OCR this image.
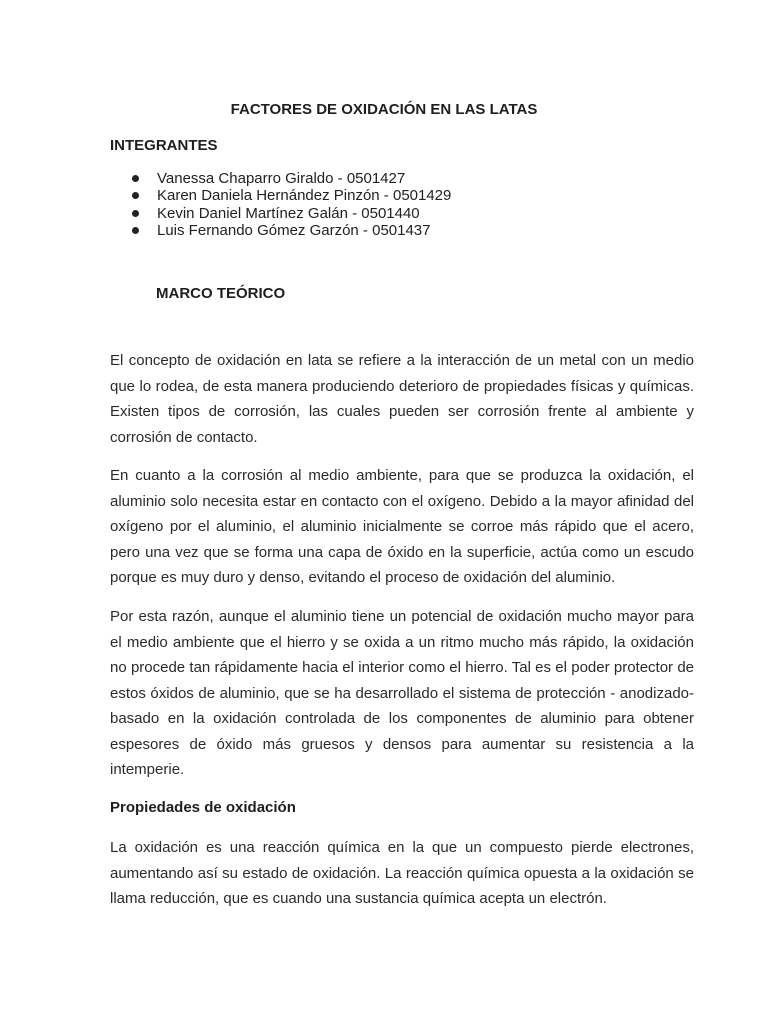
FACTORES DE OXIDACIÓN EN LAS LATAS
INTEGRANTES
Vanessa Chaparro Giraldo - 0501427
Karen Daniela Hernández Pinzón - 0501429
Kevin Daniel Martínez Galán - 0501440
Luis Fernando Gómez Garzón - 0501437
MARCO TEÓRICO

El concepto de oxidación en lata se refiere a la interacción de un metal con un medio que lo rodea, de esta manera produciendo deterioro de propiedades físicas y químicas. Existen tipos de corrosión, las cuales pueden ser corrosión frente al ambiente y corrosión de contacto.

En cuanto a la corrosión al medio ambiente, para que se produzca la oxidación, el aluminio solo necesita estar en contacto con el oxígeno. Debido a la mayor afinidad del oxígeno por el aluminio, el aluminio inicialmente se corroe más rápido que el acero, pero una vez que se forma una capa de óxido en la superficie, actúa como un escudo porque es muy duro y denso, evitando el proceso de oxidación del aluminio.

Por esta razón, aunque el aluminio tiene un potencial de oxidación mucho mayor para el medio ambiente que el hierro y se oxida a un ritmo mucho más rápido, la oxidación no procede tan rápidamente hacia el interior como el hierro. Tal es el poder protector de estos óxidos de aluminio, que se ha desarrollado el sistema de protección - anodizado- basado en la oxidación controlada de los componentes de aluminio para obtener espesores de óxido más gruesos y densos para aumentar su resistencia a la intemperie.

Propiedades de oxidación

La oxidación es una reacción química en la que un compuesto pierde electrones, aumentando así su estado de oxidación. La reacción química opuesta a la oxidación se llama reducción, que es cuando una sustancia química acepta un electrón.
